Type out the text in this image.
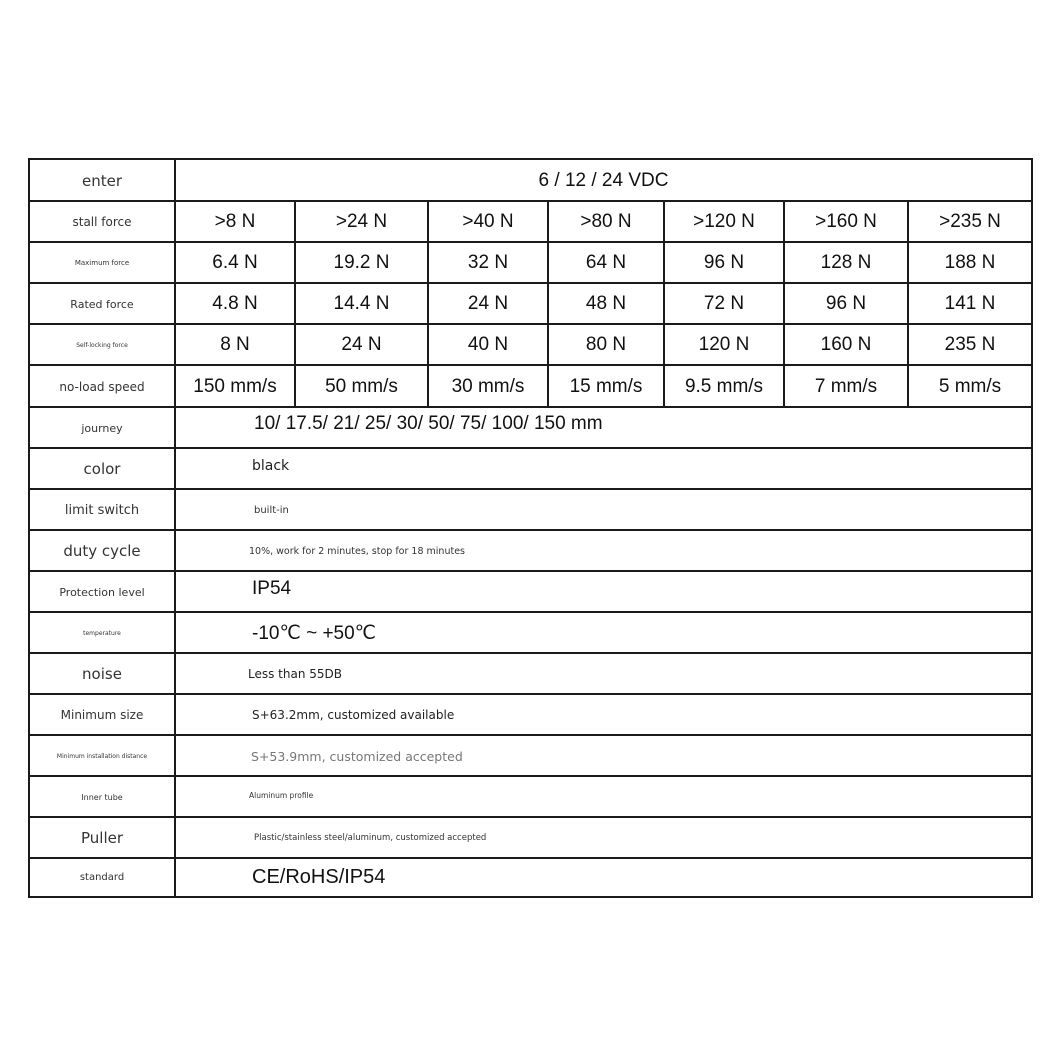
enter	6 / 12 / 24 VDC
stall force	>8 N	>24 N	>40 N	>80 N	>120 N	>160 N	>235 N
Maximum force	6.4 N	19.2 N	32 N	64 N	96 N	128 N	188 N
Rated force	4.8 N	14.4 N	24 N	48 N	72 N	96 N	141 N
Self-locking force	8 N	24 N	40 N	80 N	120 N	160 N	235 N
no-load speed	150 mm/s	50 mm/s	30 mm/s	15 mm/s	9.5 mm/s	7 mm/s	5 mm/s
journey	10/ 17.5/ 21/ 25/ 30/ 50/ 75/ 100/ 150 mm
color	black
limit switch	built-in
duty cycle	10%, work for 2 minutes, stop for 18 minutes
Protection level	IP54
temperature	-10℃ ~ +50℃
noise	Less than 55DB
Minimum size	S+63.2mm, customized available
Minimum installation distance	S+53.9mm, customized accepted
Inner tube	Aluminum profile
Puller	Plastic/stainless steel/aluminum, customized accepted
standard	CE/RoHS/IP54
